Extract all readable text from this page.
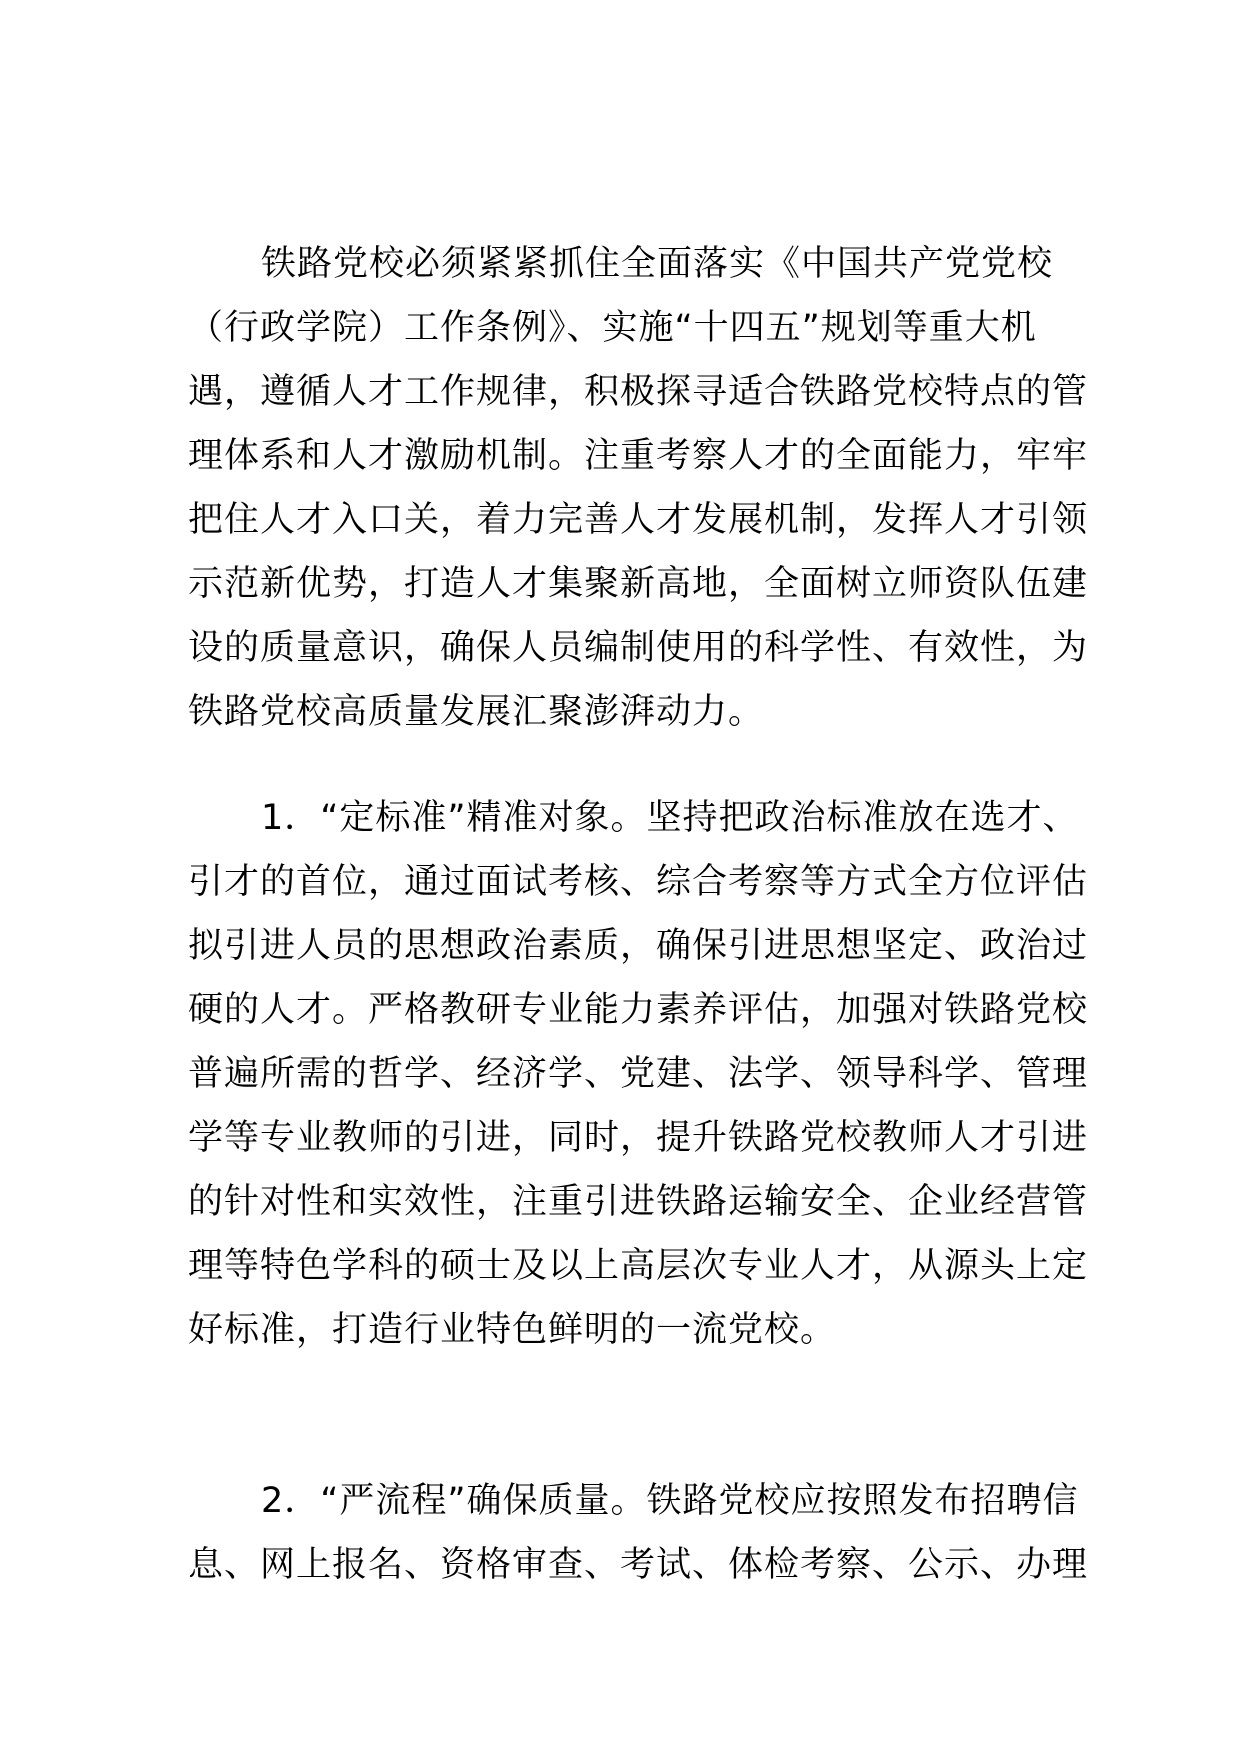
铁路党校必须紧紧抓住全面落实《中国共产党党校
（行政学院）工作条例》、实施“十四五”规划等重大机
遇，遵循人才工作规律，积极探寻适合铁路党校特点的管
理体系和人才激励机制。注重考察人才的全面能力，牢牢
把住人才入口关，着力完善人才发展机制，发挥人才引领
示范新优势，打造人才集聚新高地，全面树立师资队伍建
设的质量意识，确保人员编制使用的科学性、有效性，为
铁路党校高质量发展汇聚澎湃动力。

1．“定标准”精准对象。坚持把政治标准放在选才、
引才的首位，通过面试考核、综合考察等方式全方位评估
拟引进人员的思想政治素质，确保引进思想坚定、政治过
硬的人才。严格教研专业能力素养评估，加强对铁路党校
普遍所需的哲学、经济学、党建、法学、领导科学、管理
学等专业教师的引进，同时，提升铁路党校教师人才引进
的针对性和实效性，注重引进铁路运输安全、企业经营管
理等特色学科的硕士及以上高层次专业人才，从源头上定
好标准，打造行业特色鲜明的一流党校。

2．“严流程”确保质量。铁路党校应按照发布招聘信
息、网上报名、资格审查、考试、体检考察、公示、办理
